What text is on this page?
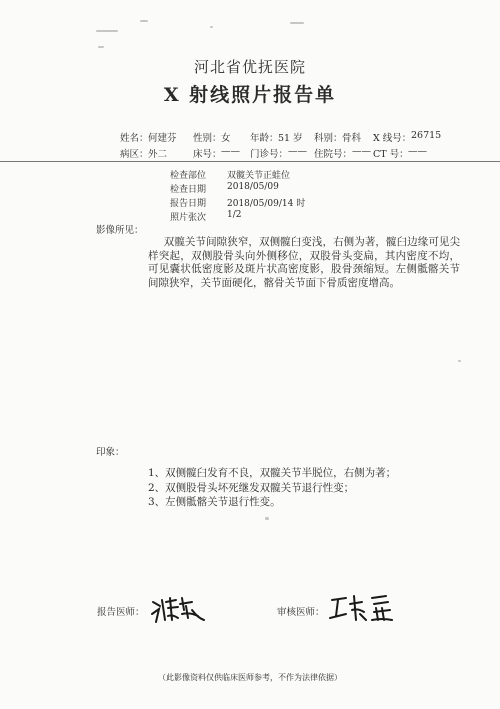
河北省优抚医院
X 射线照片报告单
姓名： 何建芬 性别： 女 年龄： 51 岁 科别： 骨科 X 线号： 26715
病区： 外二	床号： —— 门诊号： —— 住院号： —— CT 号： ——
检查部位 双髋关节正蛙位
检查日期 2018/05/09
报告日期 2018/05/09/14 时
照片张次 1/2
影像所见：
双髋关节间隙狭窄，双侧髋臼变浅，右侧为著，髋臼边缘可见尖样突起，双侧股骨头向外侧移位，双股骨头变扁，其内密度不均，可见囊状低密度影及斑片状高密度影，股骨颈缩短。左侧骶髂关节间隙狭窄，关节面硬化，髂骨关节面下骨质密度增高。
印象：
1、双侧髋臼发育不良，双髋关节半脱位，右侧为著；
2、双侧股骨头坏死继发双髋关节退行性变；
3、左侧骶髂关节退行性变。
报告医师：	审核医师：
（此影像资料仅供临床医师参考，不作为法律依据）
